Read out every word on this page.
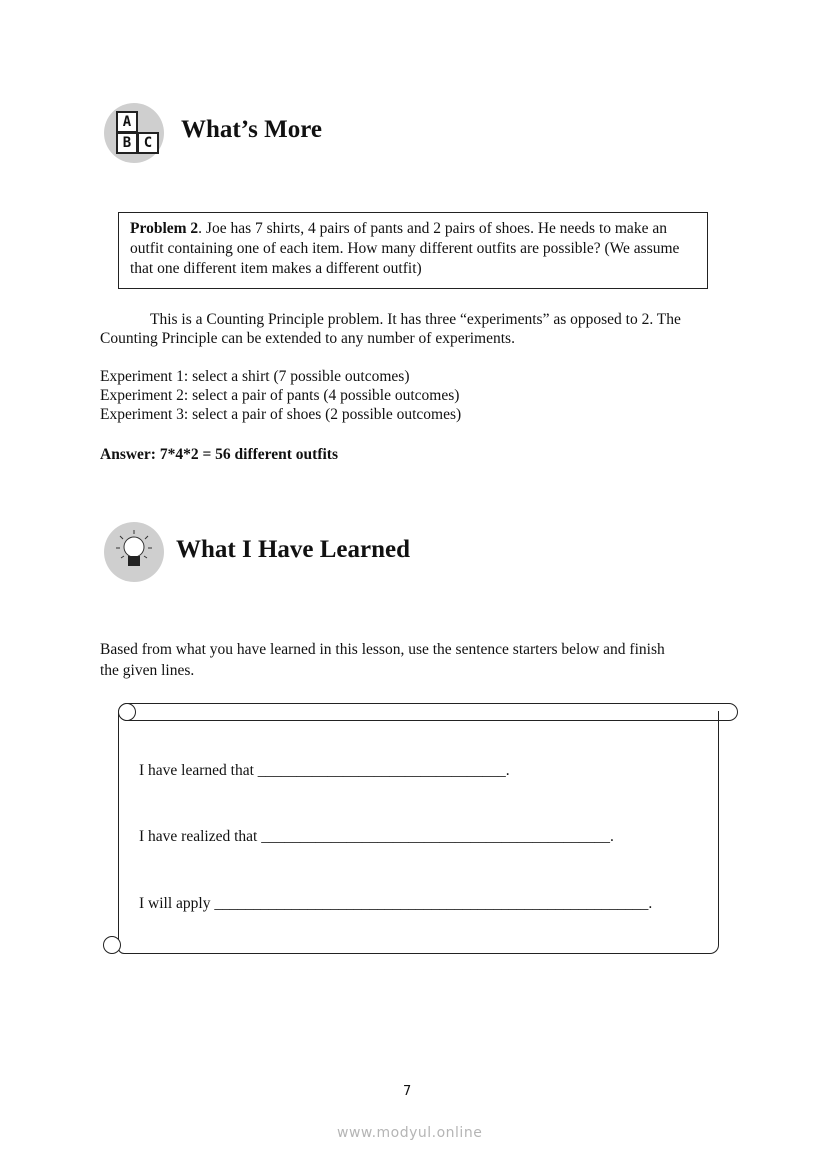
A
B C What’s More
Problem 2. Joe has 7 shirts, 4 pairs of pants and 2 pairs of shoes. He needs to make an outfit containing one of each item. How many different outfits are possible? (We assume that one different item makes a different outfit)
This is a Counting Principle problem. It has three “experiments” as opposed to 2. The
Counting Principle can be extended to any number of experiments.
Experiment 1: select a shirt (7 possible outcomes)
Experiment 2: select a pair of pants (4 possible outcomes)
Experiment 3: select a pair of shoes (2 possible outcomes)
Answer: 7*4*2 = 56 different outfits
What I Have Learned
Based from what you have learned in this lesson, use the sentence starters below and finish
the given lines.
I have learned that ________________________________.
I have realized that _____________________________________________.
I will apply ________________________________________________________.
7
www.modyul.online
